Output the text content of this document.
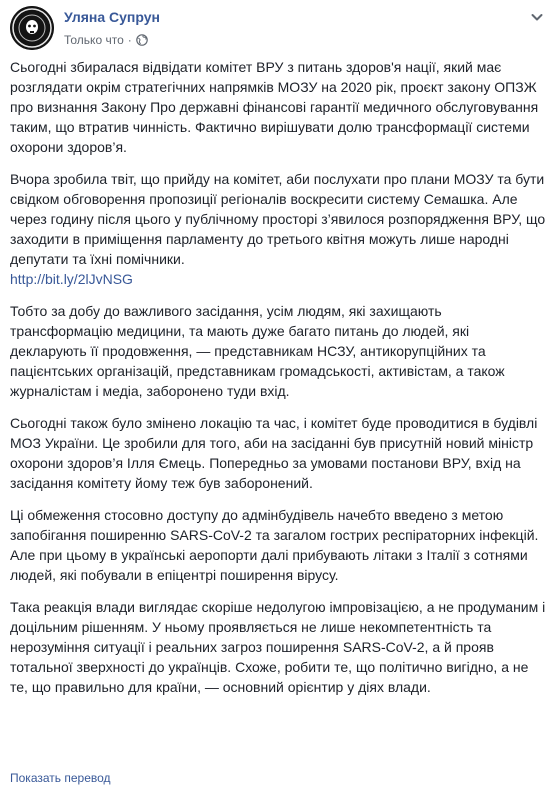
Уляна Супрун
Только что ·

Сьогодні збиралася відвідати комітет ВРУ з питань здоров'я нації, який має розглядати окрім стратегічних напрямків МОЗУ на 2020 рік, проєкт закону ОПЗЖ про визнання Закону Про державні фінансові гарантії медичного обслуговування таким, що втратив чинність. Фактично вирішувати долю трансформації системи охорони здоров’я.

Вчора зробила твіт, що прийду на комітет, аби послухати про плани МОЗУ та бути свідком обговорення пропозиції регіоналів воскресити систему Семашка. Але через годину після цього у публічному просторі з’явилося розпорядження ВРУ, що заходити в приміщення парламенту до третього квітня можуть лише народні депутати та їхні помічники.
http://bit.ly/2lJvNSG

Тобто за добу до важливого засідання, усім людям, які захищають трансформацію медицини, та мають дуже багато питань до людей, які декларують її продовження, — представникам НСЗУ, антикорупційних та пацієнтських організацій, представникам громадськості, активістам, а також журналістам і медіа, заборонено туди вхід.

Сьогодні також було змінено локацію та час, і комітет буде проводитися в будівлі МОЗ України. Це зробили для того, аби на засіданні був присутній новий міністр охорони здоров’я Ілля Ємець. Попередньо за умовами постанови ВРУ, вхід на засідання комітету йому теж був заборонений.

Ці обмеження стосовно доступу до адмінбудівель начебто введено з метою запобігання поширенню SARS-CoV-2 та загалом гострих респіраторних інфекцій. Але при цьому в українські аеропорти далі прибувають літаки з Італії з сотнями людей, які побували в епіцентрі поширення вірусу.

Така реакція влади виглядає скоріше недолугою імпровізацією, а не продуманим і доцільним рішенням. У ньому проявляється не лише некомпетентність та нерозуміння ситуації і реальних загроз поширення SARS-CoV-2, а й прояв тотальної зверхності до українців. Схоже, робити те, що політично вигідно, а не те, що правильно для країни, — основний орієнтир у діях влади.

Показать перевод
